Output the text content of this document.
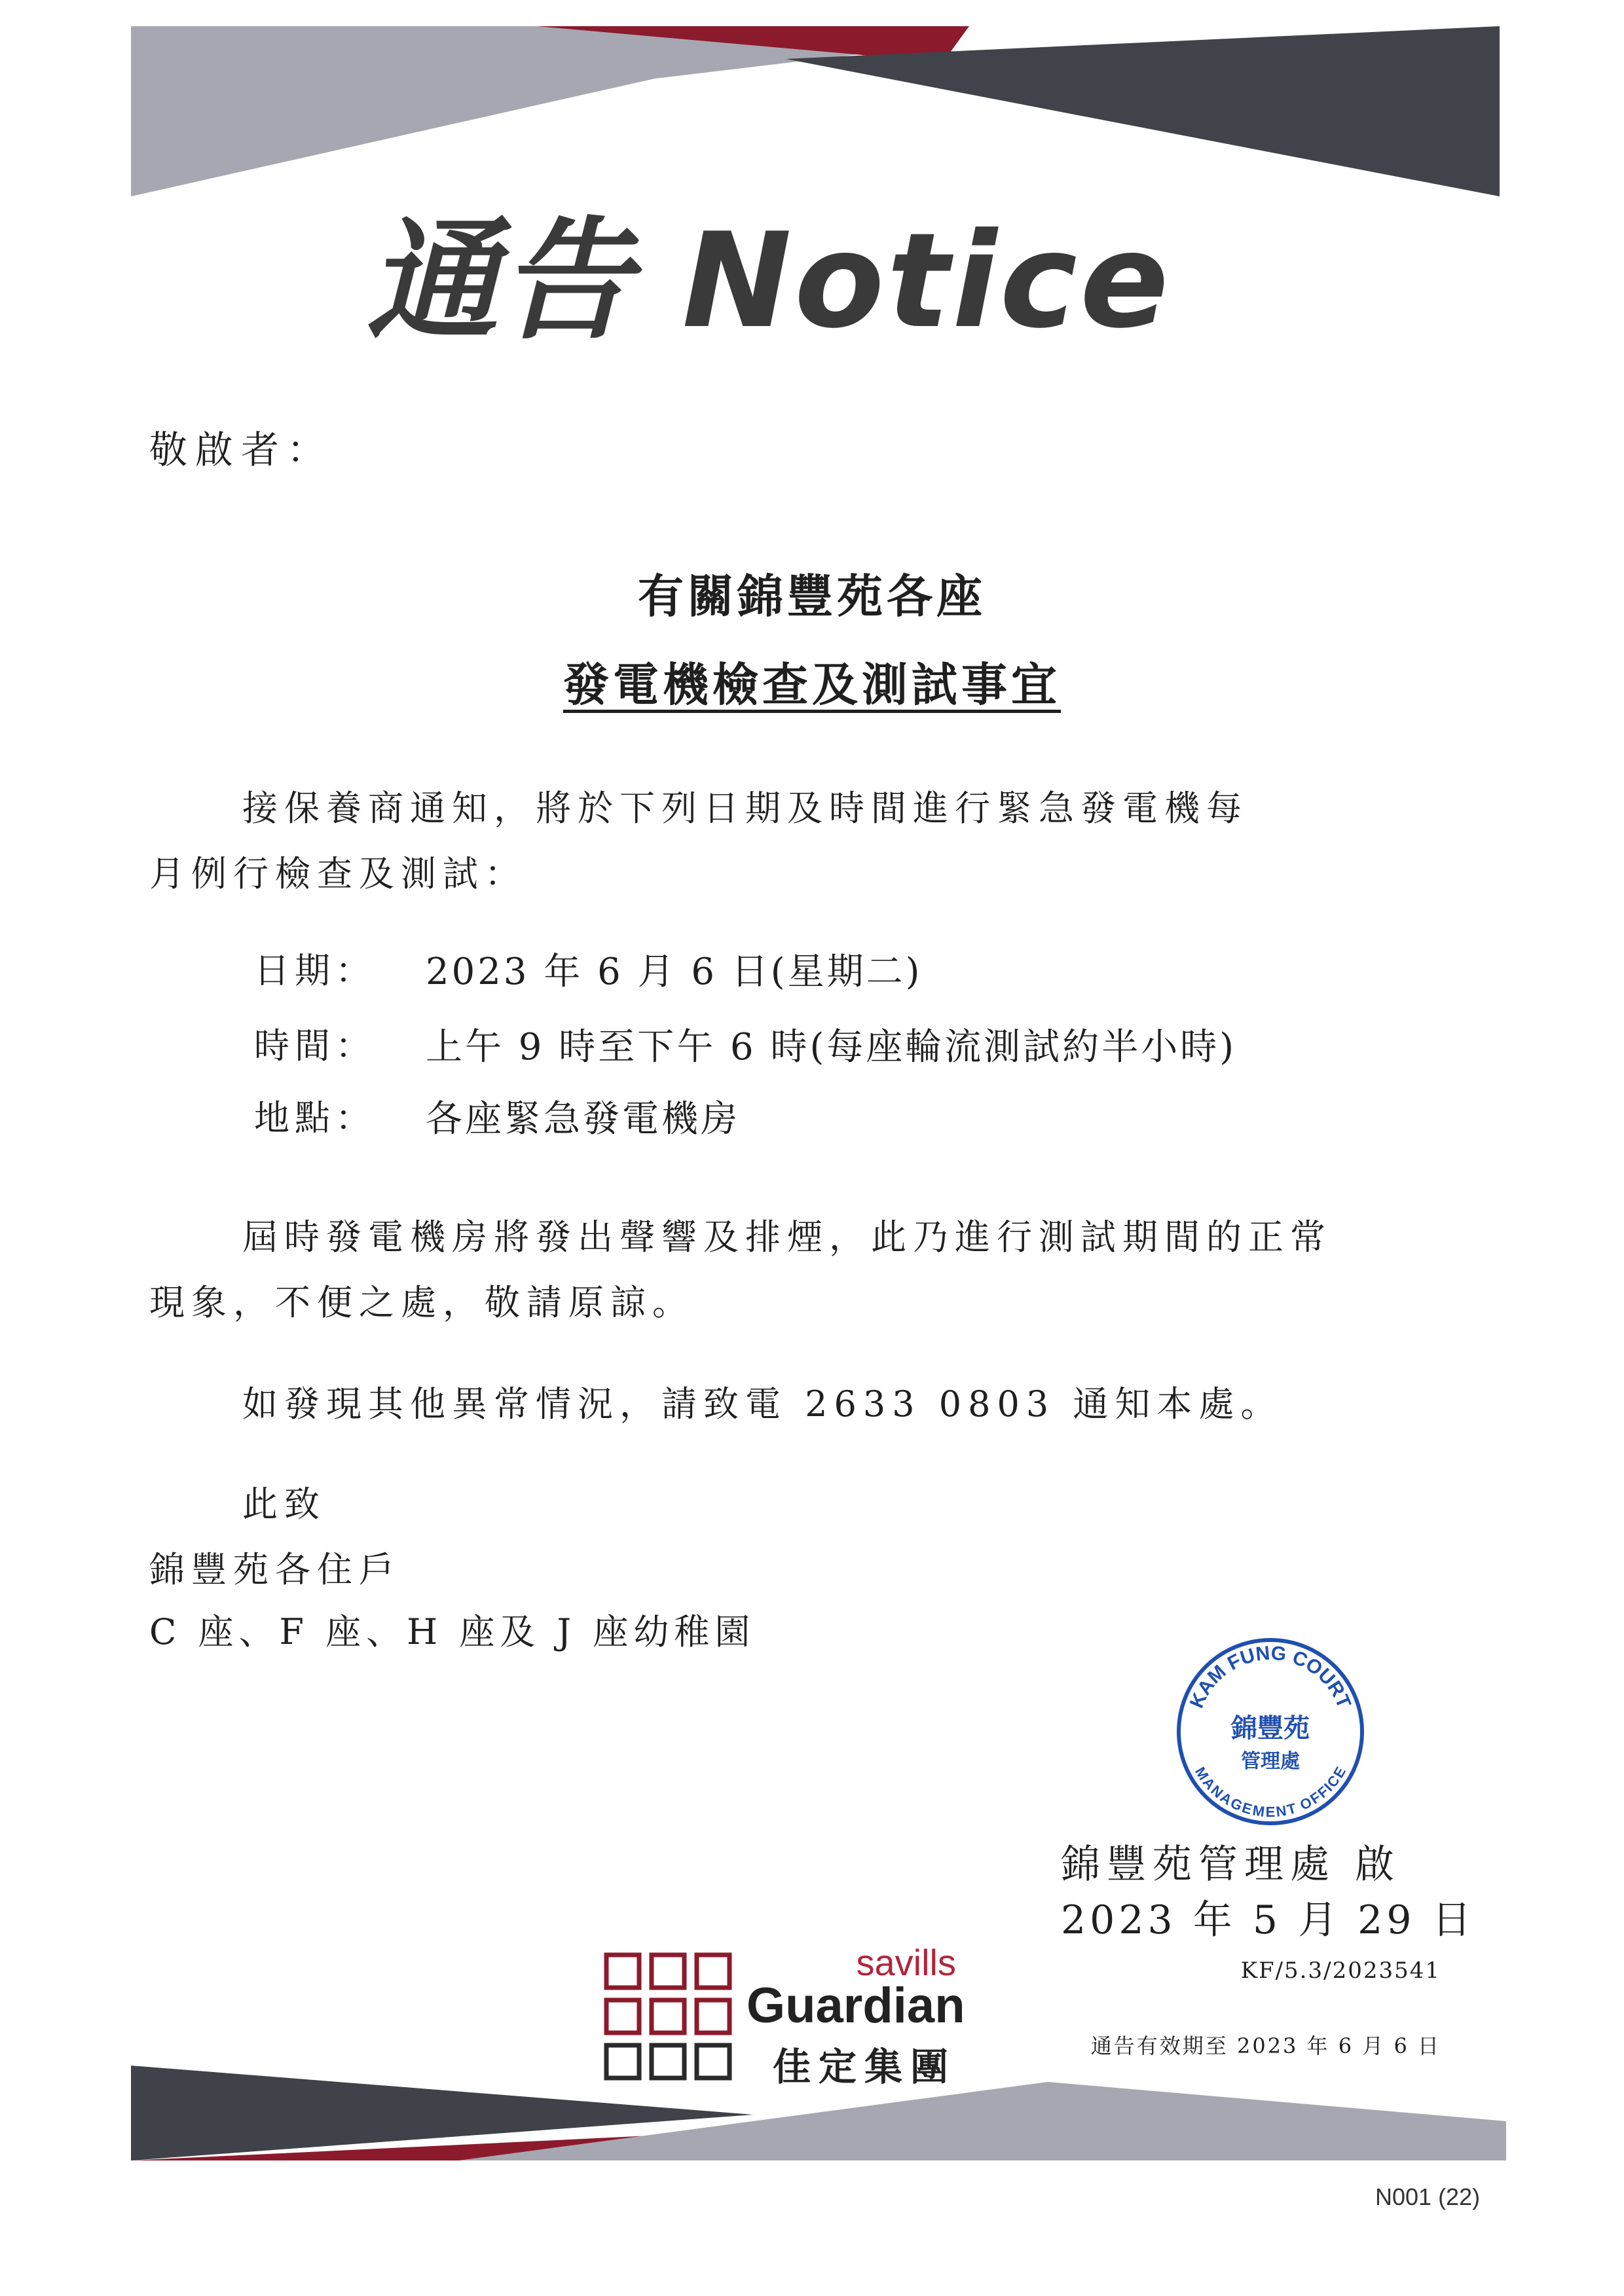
通告 Notice
敬啟者：
有關錦豐苑各座
發電機檢查及測試事宜
接保養商通知，將於下列日期及時間進行緊急發電機每
月例行檢查及測試：
日期： 2023 年 6 月 6 日(星期二)
時間： 上午 9 時至下午 6 時(每座輪流測試約半小時)
地點： 各座緊急發電機房
屆時發電機房將發出聲響及排煙，此乃進行測試期間的正常
現象，不便之處，敬請原諒。
如發現其他異常情況，請致電 2633 0803 通知本處。
此致
錦豐苑各住戶
C 座、F 座、H 座及 J 座幼稚園
KAM FUNG COURT
錦豐苑
管理處
MANAGEMENT OFFICE
錦豐苑管理處 啟
2023 年 5 月 29 日
KF/5.3/2023541
savills
Guardian
佳定集團	通告有效期至 2023 年 6 月 6 日
N001 (22)
